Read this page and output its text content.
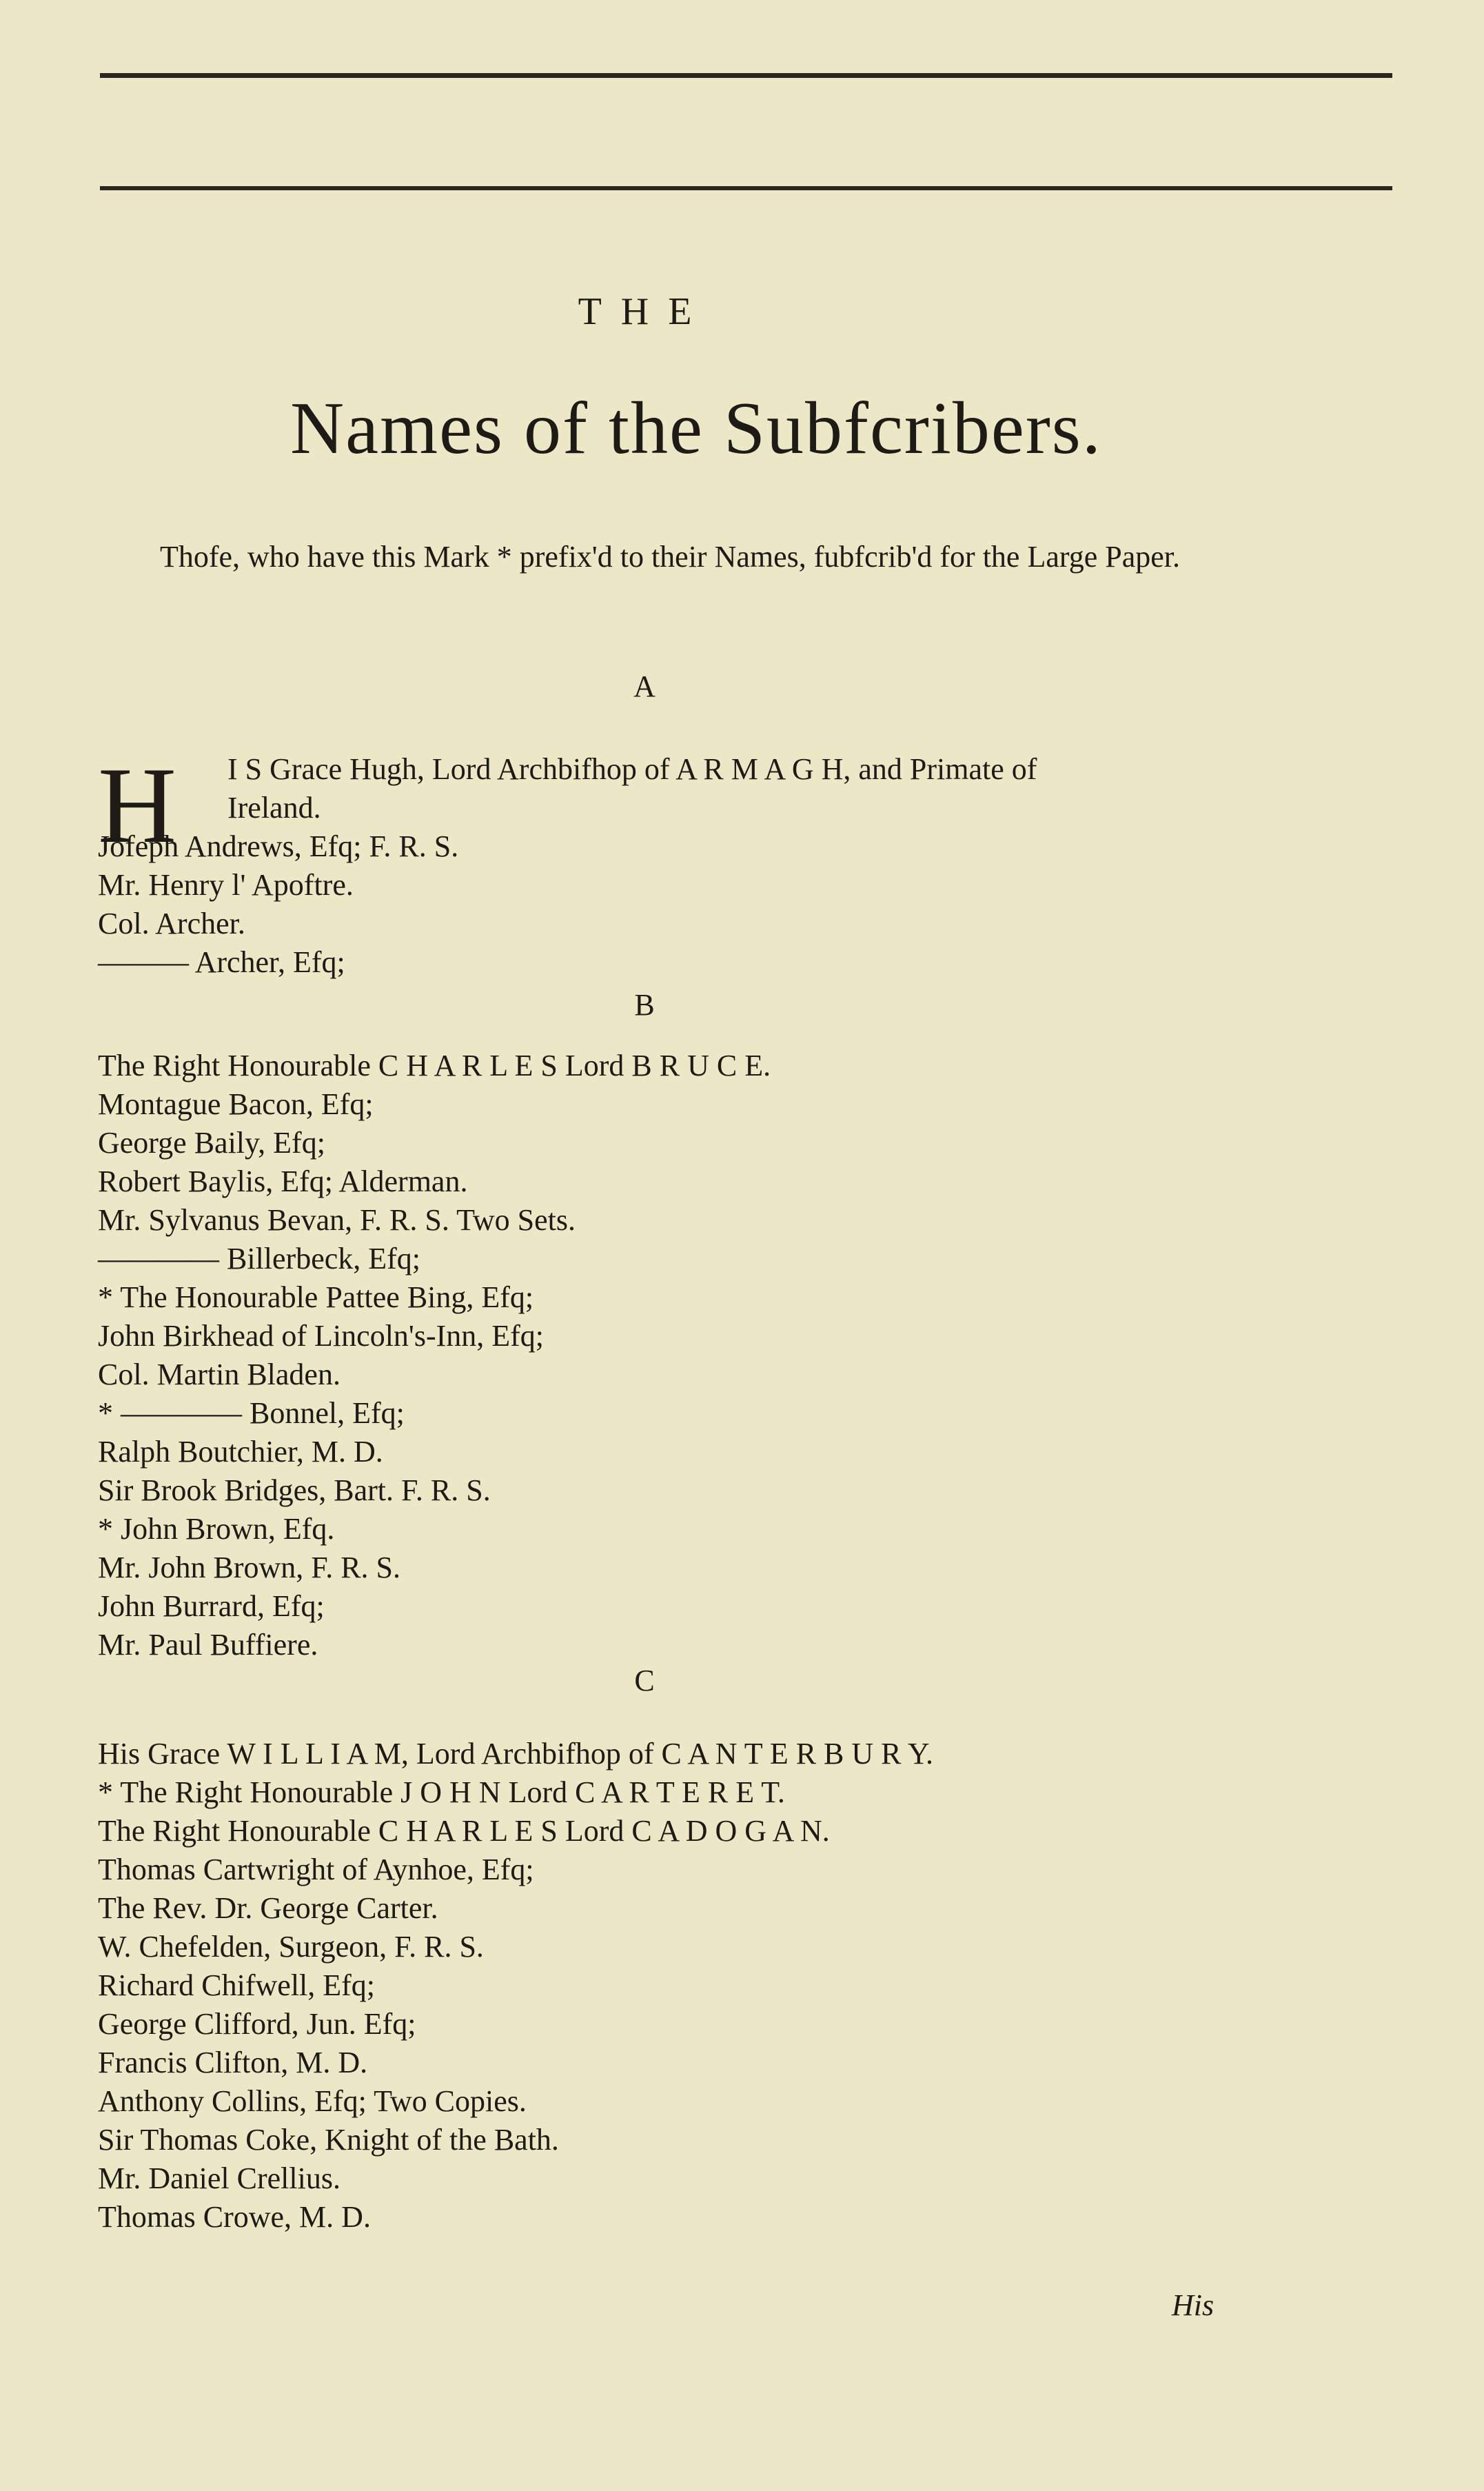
THE
Names of the Subfcribers.
Thofe, who have this Mark * prefix'd to their Names, fubfcrib'd for the Large Paper.
A
H I S Grace Hugh, Lord Archbifhop of A R M A G H, and Primate of
Ireland.
Jofeph Andrews, Efq; F. R. S.
Mr. Henry l' Apoftre.
Col. Archer.
——— Archer, Efq;
B
The Right Honourable C H A R L E S Lord B R U C E.
Montague Bacon, Efq;
George Baily, Efq;
Robert Baylis, Efq; Alderman.
Mr. Sylvanus Bevan, F. R. S. Two Sets.
———— Billerbeck, Efq;
* The Honourable Pattee Bing, Efq;
John Birkhead of Lincoln's-Inn, Efq;
Col. Martin Bladen.
* ———— Bonnel, Efq;
Ralph Boutchier, M. D.
Sir Brook Bridges, Bart. F. R. S.
* John Brown, Efq.
Mr. John Brown, F. R. S.
John Burrard, Efq;
Mr. Paul Buffiere.
C
His Grace W I L L I A M, Lord Archbifhop of C A N T E R B U R Y.
* The Right Honourable J O H N Lord C A R T E R E T.
The Right Honourable C H A R L E S Lord C A D O G A N.
Thomas Cartwright of Aynhoe, Efq;
The Rev. Dr. George Carter.
W. Chefelden, Surgeon, F. R. S.
Richard Chifwell, Efq;
George Clifford, Jun. Efq;
Francis Clifton, M. D.
Anthony Collins, Efq; Two Copies.
Sir Thomas Coke, Knight of the Bath.
Mr. Daniel Crellius.
Thomas Crowe, M. D.
His
